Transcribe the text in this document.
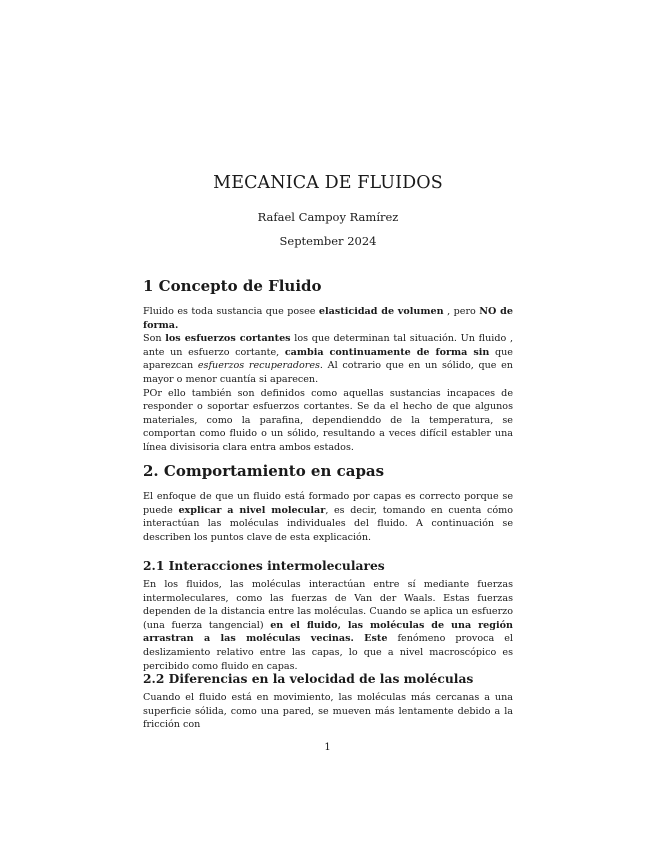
MECANICA DE FLUIDOS
Rafael Campoy Ramírez
September 2024
1 Concepto de Fluido

Fluido es toda sustancia que posee elasticidad de volumen , pero NO de forma.
Son los esfuerzos cortantes los que determinan tal situación. Un fluido , ante un esfuerzo cortante, cambia continuamente de forma sin que aparezcan esfuerzos recuperadores. Al cotrario que en un sólido, que en mayor o menor cuantía si aparecen.
POr ello también son definidos como aquellas sustancias incapaces de responder o soportar esfuerzos cortantes. Se da el hecho de que algunos materiales, como la parafina, dependienddo de la temperatura, se comportan como fluido o un sólido, resultando a veces difícil establer una línea divisisoria clara entra ambos estados.

2. Comportamiento en capas

El enfoque de que un fluido está formado por capas es correcto porque se puede explicar a nivel molecular, es decir, tomando en cuenta cómo interactúan las moléculas individuales del fluido. A continuación se describen los puntos clave de esta explicación.

2.1 Interacciones intermoleculares

En los fluidos, las moléculas interactúan entre sí mediante fuerzas intermoleculares, como las fuerzas de Van der Waals. Estas fuerzas dependen de la distancia entre las moléculas. Cuando se aplica un esfuerzo (una fuerza tangencial) en el fluido, las moléculas de una región arrastran a las moléculas vecinas. Este fenómeno provoca el deslizamiento relativo entre las capas, lo que a nivel macroscópico es percibido como fluido en capas.

2.2 Diferencias en la velocidad de las moléculas

Cuando el fluido está en movimiento, las moléculas más cercanas a una superficie sólida, como una pared, se mueven más lentamente debido a la fricción con

1
